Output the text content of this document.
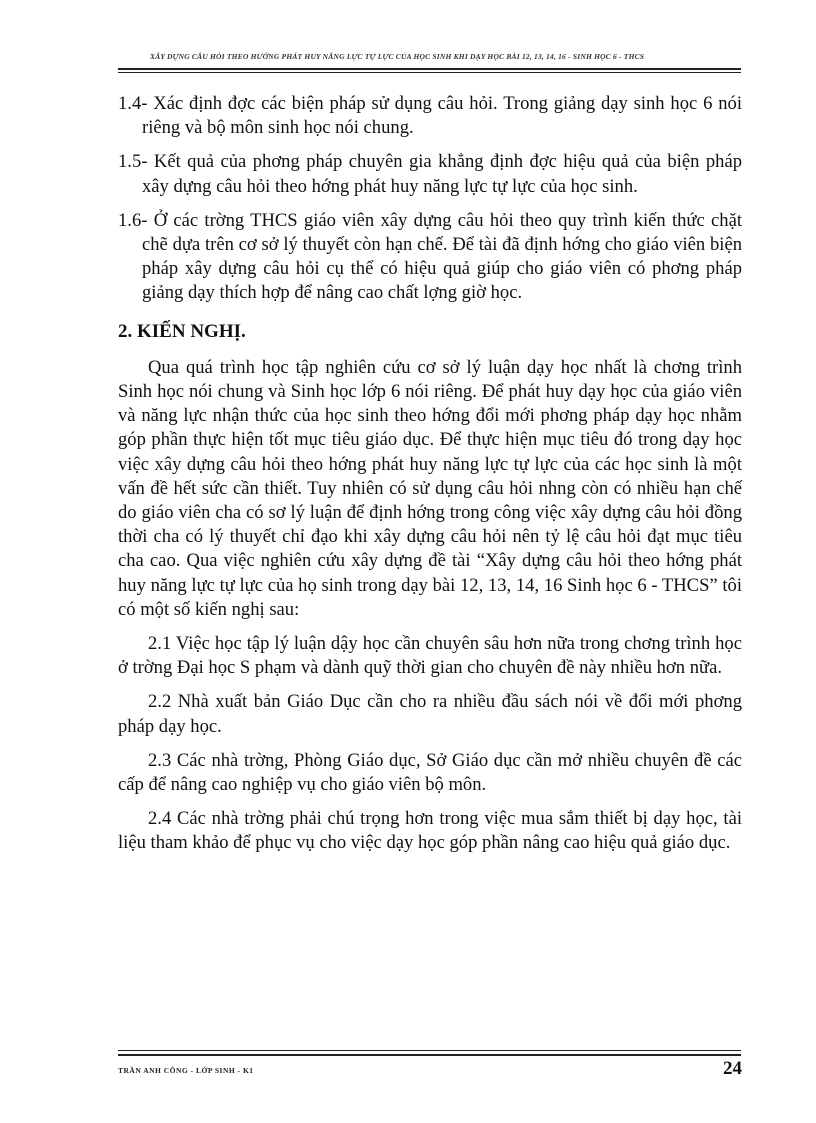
XÂY DỰNG CÂU HỎI THEO HƯỚNG PHÁT HUY NĂNG LỰC TỰ LỰC CỦA HỌC SINH KHI DẠY HỌC BÀI 12, 13, 14, 16 - SINH HỌC 6 - THCS

1.4- Xác định đợc các biện pháp sử dụng câu hỏi. Trong giảng dạy sinh học 6 nói riêng và bộ môn sinh học nói chung.

1.5- Kết quả của phơng pháp chuyên gia khẳng định đợc hiệu quả của biện pháp xây dựng câu hỏi theo hớng phát huy năng lực tự lực của học sinh.

1.6- Ở các trờng THCS giáo viên xây dựng câu hỏi theo quy trình kiến thức chặt chẽ dựa trên cơ sở lý thuyết còn hạn chế. Để tài đã định hớng cho giáo viên biện pháp xây dựng câu hỏi cụ thể có hiệu quả giúp cho giáo viên có phơng pháp giảng dạy thích hợp để nâng cao chất lợng giờ học.

2. KIẾN NGHỊ.

Qua quá trình học tập nghiên cứu cơ sở lý luận dạy học nhất là chơng trình Sinh học nói chung và Sinh học lớp 6 nói riêng. Để phát huy dạy học của giáo viên và năng lực nhận thức của học sinh theo hớng đổi mới phơng pháp dạy học nhằm góp phần thực hiện tốt mục tiêu giáo dục. Để thực hiện mục tiêu đó trong dạy học việc xây dựng câu hỏi theo hớng phát huy năng lực tự lực của các học sinh là một vấn đề hết sức cần thiết. Tuy nhiên có sử dụng câu hỏi nhng còn có nhiều hạn chế do giáo viên cha có sơ lý luận để định hớng trong công việc xây dựng câu hỏi đồng thời cha có lý thuyết chỉ đạo khi xây dựng câu hỏi nên tỷ lệ câu hỏi đạt mục tiêu cha cao. Qua việc nghiên cứu xây dựng đề tài “Xây dựng câu hỏi theo hớng phát huy năng lực tự lực của họ sinh trong dạy bài 12, 13, 14, 16 Sinh học 6 - THCS” tôi có một số kiến nghị sau:

2.1 Việc học tập lý luận dậy học cần chuyên sâu hơn nữa trong chơng trình học ở trờng Đại học S phạm và dành quỹ thời gian cho chuyên đề này nhiều hơn nữa.

2.2 Nhà xuất bản Giáo Dục cần cho ra nhiều đầu sách nói về đổi mới phơng pháp dạy học.

2.3 Các nhà trờng, Phòng Giáo dục, Sở Giáo dục cần mở nhiều chuyên đề các cấp để nâng cao nghiệp vụ cho giáo viên bộ môn.

2.4 Các nhà trờng phải chú trọng hơn trong việc mua sắm thiết bị dạy học, tài liệu tham khảo để phục vụ cho việc dạy học góp phần nâng cao hiệu quả giáo dục.

TRẦN ANH CÔNG - LỚP SINH - K1	24
